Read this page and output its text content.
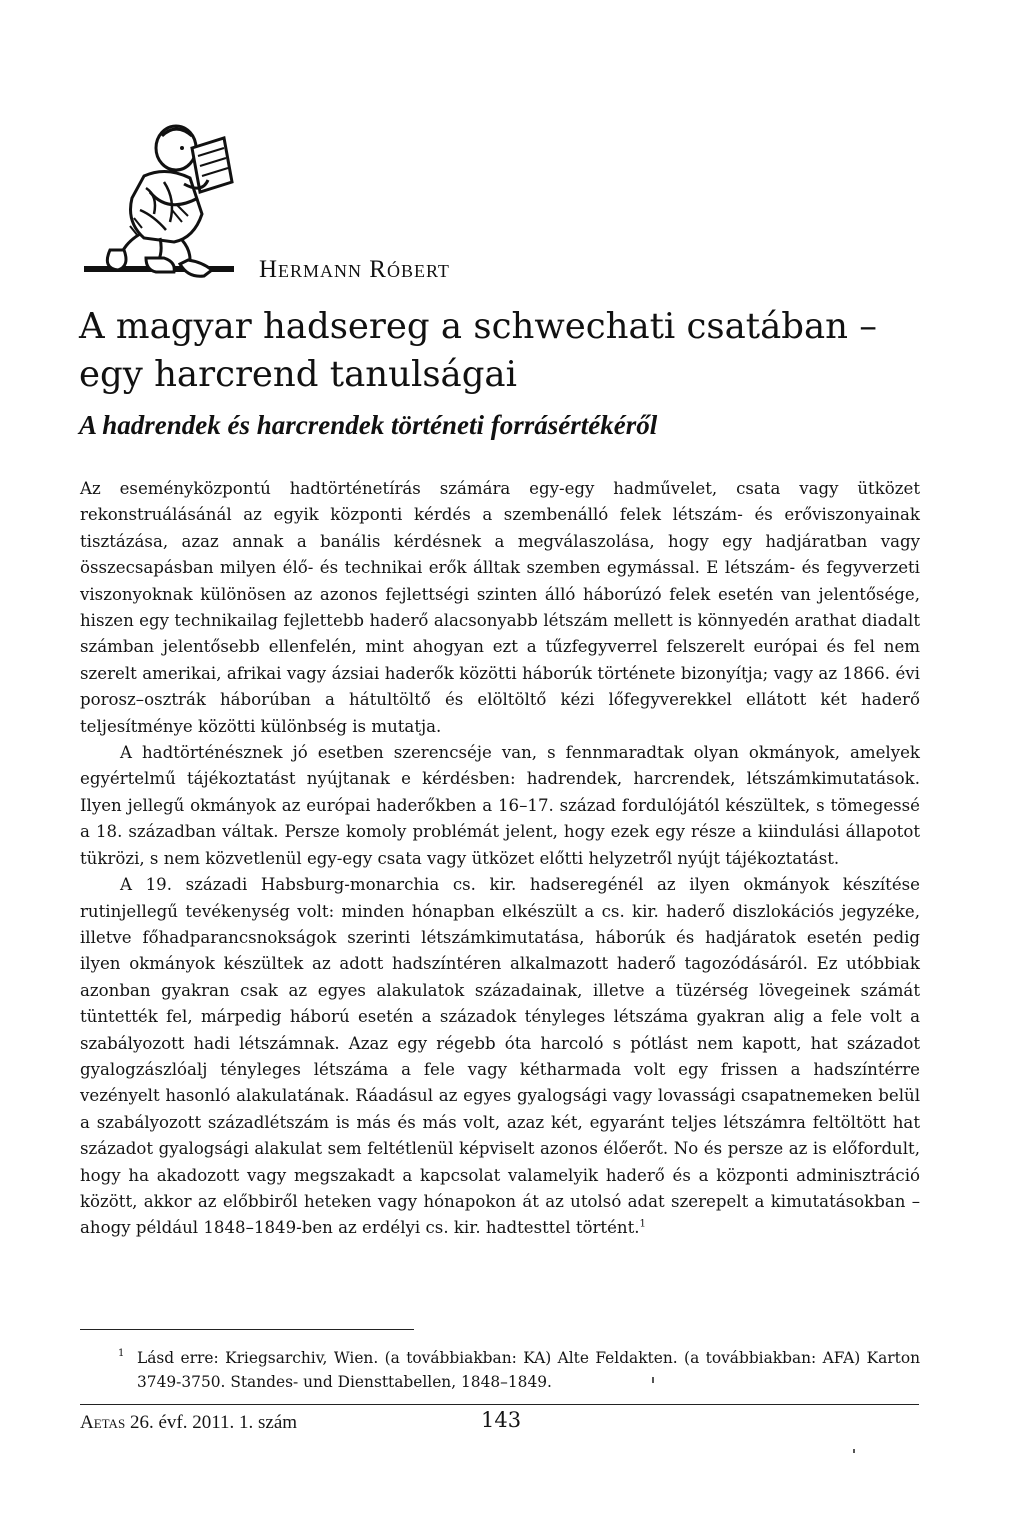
Hermann Róbert
A magyar hadsereg a schwechati csatában –
egy harcrend tanulságai
A hadrendek és harcrendek történeti forrásértékéről

Az eseményközpontú hadtörténetírás számára egy-egy hadművelet, csata vagy ütközet rekonstruálásánál az egyik központi kérdés a szembenálló felek létszám- és erőviszonyainak tisztázása, azaz annak a banális kérdésnek a megválaszolása, hogy egy hadjáratban vagy összecsapásban milyen élő- és technikai erők álltak szemben egymással. E létszám- és fegyverzeti viszonyoknak különösen az azonos fejlettségi szinten álló háborúzó felek esetén van jelentősége, hiszen egy technikailag fejlettebb haderő alacsonyabb létszám mellett is könnyedén arathat diadalt számban jelentősebb ellenfelén, mint ahogyan ezt a tűzfegyverrel felszerelt európai és fel nem szerelt amerikai, afrikai vagy ázsiai haderők közötti háborúk története bizonyítja; vagy az 1866. évi porosz–osztrák háborúban a hátultöltő és elöltöltő kézi lőfegyverekkel ellátott két haderő teljesítménye közötti különbség is mutatja.

A hadtörténésznek jó esetben szerencséje van, s fennmaradtak olyan okmányok, amelyek egyértelmű tájékoztatást nyújtanak e kérdésben: hadrendek, harcrendek, létszámkimutatások. Ilyen jellegű okmányok az európai haderőkben a 16–17. század fordulójától készültek, s tömegessé a 18. században váltak. Persze komoly problémát jelent, hogy ezek egy része a kiindulási állapotot tükrözi, s nem közvetlenül egy-egy csata vagy ütközet előtti helyzetről nyújt tájékoztatást.

A 19. századi Habsburg-monarchia cs. kir. hadseregénél az ilyen okmányok készítése rutinjellegű tevékenység volt: minden hónapban elkészült a cs. kir. haderő diszlokációs jegyzéke, illetve főhadparancsnokságok szerinti létszámkimutatása, háborúk és hadjáratok esetén pedig ilyen okmányok készültek az adott hadszíntéren alkalmazott haderő tagozódásáról. Ez utóbbiak azonban gyakran csak az egyes alakulatok századainak, illetve a tüzérség lövegeinek számát tüntették fel, márpedig háború esetén a századok tényleges létszáma gyakran alig a fele volt a szabályozott hadi létszámnak. Azaz egy régebb óta harcoló s pótlást nem kapott, hat századot gyalogzászlóalj tényleges létszáma a fele vagy kétharmada volt egy frissen a hadszíntérre vezényelt hasonló alakulatának. Ráadásul az egyes gyalogsági vagy lovassági csapatnemeken belül a szabályozott századlétszám is más és más volt, azaz két, egyaránt teljes létszámra feltöltött hat századot gyalogsági alakulat sem feltétlenül képviselt azonos élőerőt. No és persze az is előfordult, hogy ha akadozott vagy megszakadt a kapcsolat valamelyik haderő és a központi adminisztráció között, akkor az előbbiről heteken vagy hónapokon át az utolsó adat szerepelt a kimutatásokban – ahogy például 1848–1849-ben az erdélyi cs. kir. hadtesttel történt.$^1$

1 Lásd erre: Kriegsarchiv, Wien. (a továbbiakban: KA) Alte Feldakten. (a továbbiakban: AFA) Karton 3749-3750. Standes- und Diensttabellen, 1848–1849.
Aetas 26. évf. 2011. 1. szám	143
